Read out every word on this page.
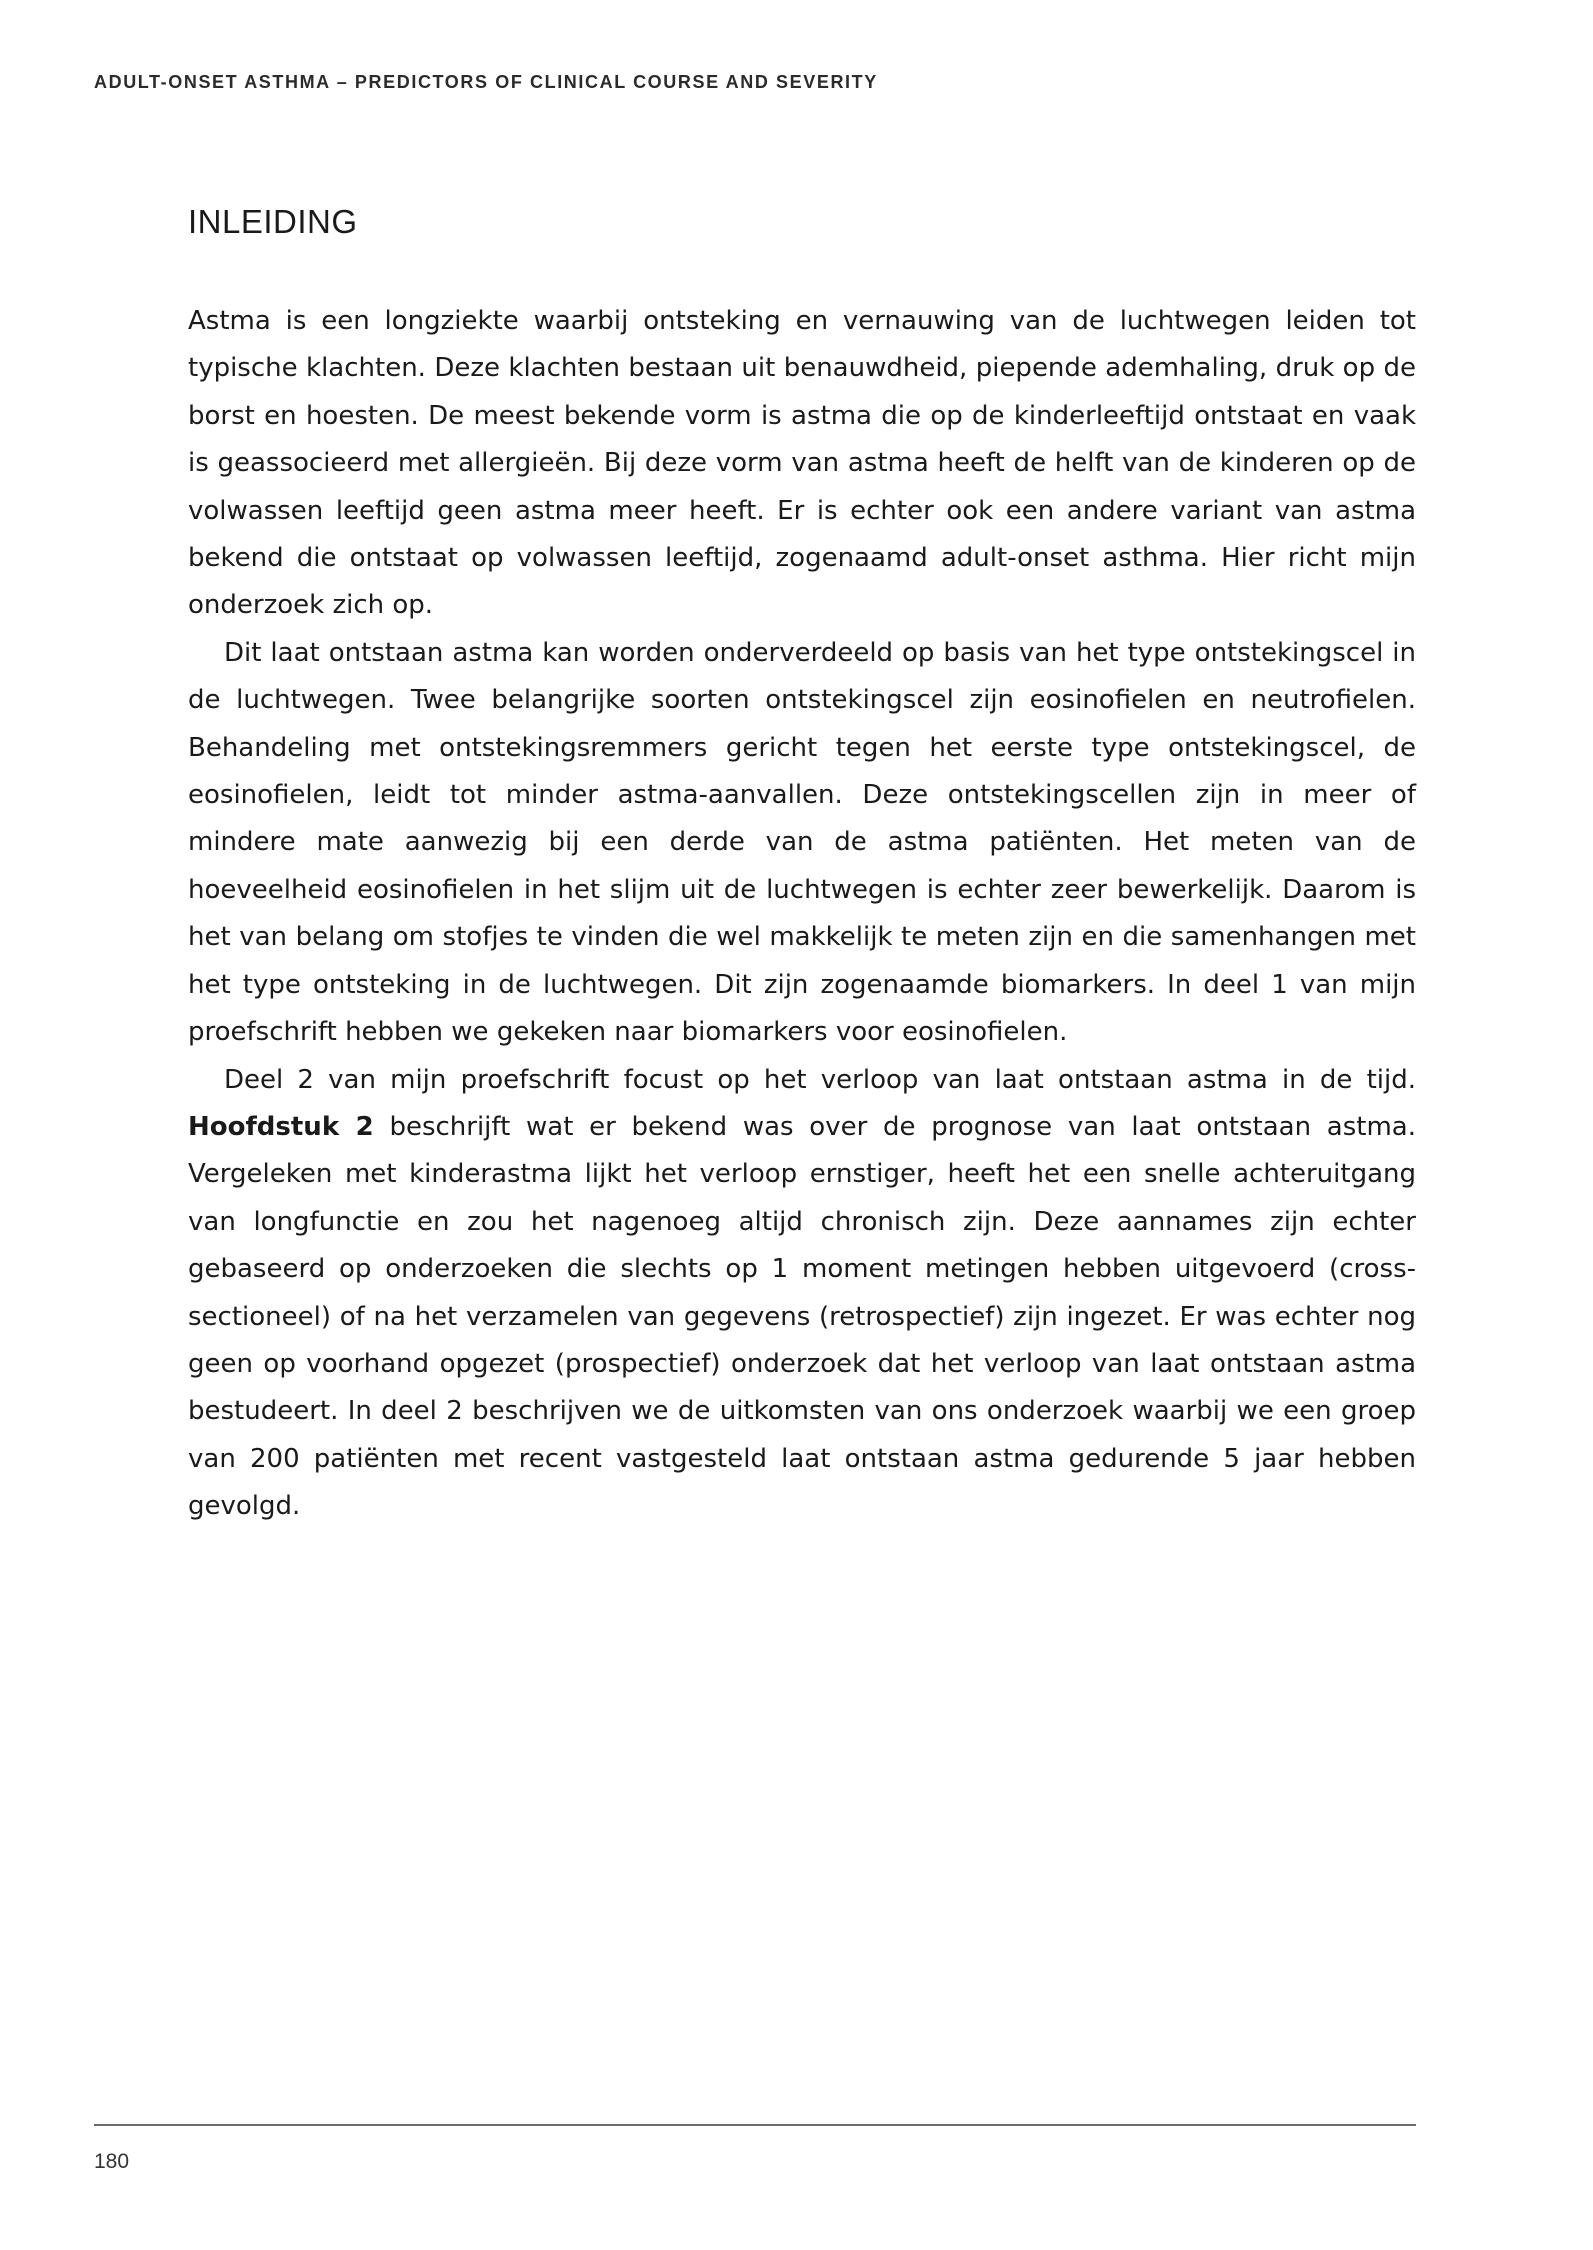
ADULT-ONSET ASTHMA – PREDICTORS OF CLINICAL COURSE AND SEVERITY
INLEIDING

Astma is een longziekte waarbij ontsteking en vernauwing van de luchtwegen leiden tot typische klachten. Deze klachten bestaan uit benauwdheid, piepende ademhaling, druk op de borst en hoesten. De meest bekende vorm is astma die op de kinderleeftijd ontstaat en vaak is geassocieerd met allergieën. Bij deze vorm van astma heeft de helft van de kinderen op de volwassen leeftijd geen astma meer heeft. Er is echter ook een andere variant van astma bekend die ontstaat op volwassen leeftijd, zogenaamd adult-onset asthma. Hier richt mijn onderzoek zich op.

Dit laat ontstaan astma kan worden onderverdeeld op basis van het type ontstekingscel in de luchtwegen. Twee belangrijke soorten ontstekingscel zijn eosinofielen en neutrofielen. Behandeling met ontstekingsremmers gericht tegen het eerste type ontstekingscel, de eosinofielen, leidt tot minder astma-aanvallen. Deze ontstekingscellen zijn in meer of mindere mate aanwezig bij een derde van de astma patiënten. Het meten van de hoeveelheid eosinofielen in het slijm uit de luchtwegen is echter zeer bewerkelijk. Daarom is het van belang om stofjes te vinden die wel makkelijk te meten zijn en die samenhangen met het type ontsteking in de luchtwegen. Dit zijn zogenaamde biomarkers. In deel 1 van mijn proefschrift hebben we gekeken naar biomarkers voor eosinofielen.

Deel 2 van mijn proefschrift focust op het verloop van laat ontstaan astma in de tijd. Hoofdstuk 2 beschrijft wat er bekend was over de prognose van laat ontstaan astma. Vergeleken met kinderastma lijkt het verloop ernstiger, heeft het een snelle achteruitgang van longfunctie en zou het nagenoeg altijd chronisch zijn. Deze aannames zijn echter gebaseerd op onderzoeken die slechts op 1 moment metingen hebben uitgevoerd (cross-sectioneel) of na het verzamelen van gegevens (retrospectief) zijn ingezet. Er was echter nog geen op voorhand opgezet (prospectief) onderzoek dat het verloop van laat ontstaan astma bestudeert. In deel 2 beschrijven we de uitkomsten van ons onderzoek waarbij we een groep van 200 patiënten met recent vastgesteld laat ontstaan astma gedurende 5 jaar hebben gevolgd.

180
